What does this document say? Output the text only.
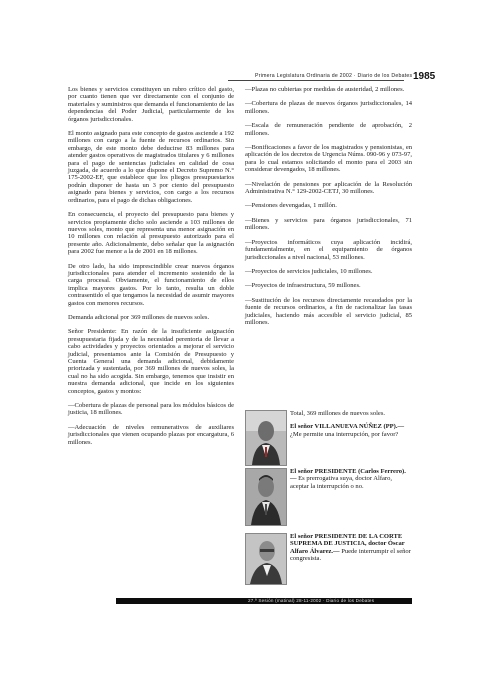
Primera Legislatura Ordinaria de 2002 · Diario de los Debates 1985

Los bienes y servicios constituyen un rubro crítico del gasto, por cuanto tienen que ver directamente con el conjunto de materiales y suministros que demanda el funcionamiento de las dependencias del Poder Judicial, particularmente de los órganos jurisdiccionales.

El monto asignado para este concepto de gastos asciende a 192 millones con cargo a la fuente de recursos ordinarios. Sin embargo, de este monto debe deducirse 83 millones para atender gastos operativos de magistrados titulares y 6 millones para el pago de sentencias judiciales en calidad de cosa juzgada, de acuerdo a lo que dispone el Decreto Supremo N.° 175-2002-EF, que establece que los pliegos presupuestarios podrán disponer de hasta un 3 por ciento del presupuesto asignado para bienes y servicios, con cargo a los recursos ordinarios, para el pago de dichas obligaciones.

En consecuencia, el proyecto del presupuesto para bienes y servicios propiamente dicho solo asciende a 103 millones de nuevos soles, monto que representa una menor asignación en 10 millones con relación al presupuesto autorizado para el presente año. Adicionalmente, debo señalar que la asignación para 2002 fue menor a la de 2001 en 18 millones.

De otro lado, ha sido imprescindible crear nuevos órganos jurisdiccionales para atender el incremento sostenido de la carga procesal. Obviamente, el funcionamiento de ellos implica mayores gastos. Por lo tanto, resulta un doble contrasentido el que tengamos la necesidad de asumir mayores gastos con menores recursos.

Demanda adicional por 369 millones de nuevos soles.

Señor Presidente: En razón de la insuficiente asignación presupuestaria fijada y de la necesidad perentoria de llevar a cabo actividades y proyectos orientados a mejorar el servicio judicial, presentamos ante la Comisión de Presupuesto y Cuenta General una demanda adicional, debidamente priorizada y sustentada, por 369 millones de nuevos soles, la cual no ha sido acogida. Sin embargo, tenemos que insistir en nuestra demanda adicional, que incide en los siguientes conceptos, gastos y montos:

—Cobertura de plazas de personal para los módulos básicos de justicia, 18 millones.

—Adecuación de niveles remunerativos de auxiliares jurisdiccionales que vienen ocupando plazas por encargatura, 6 millones.

—Plazas no cubiertas por medidas de austeridad, 2 millones.

—Cobertura de plazas de nuevos órganos jurisdiccionales, 14 millones.

—Escala de remuneración pendiente de aprobación, 2 millones.

—Bonificaciones a favor de los magistrados y pensionistas, en aplicación de los decretos de Urgencia Núms. 090-96 y 073-97, para lo cual estamos solicitando el monto para el 2003 sin considerar devengados, 18 millones.

—Nivelación de pensiones por aplicación de la Resolución Administrativa N.° 129-2002-CETJ, 30 millones.

—Pensiones devengadas, 1 millón.

—Bienes y servicios para órganos jurisdiccionales, 71 millones.

—Proyectos informáticos cuya aplicación incidirá, fundamentalmente, en el equipamiento de órganos jurisdiccionales a nivel nacional, 53 millones.

—Proyectos de servicios judiciales, 10 millones.

—Proyectos de infraestructura, 59 millones.

—Sustitución de los recursos directamente recaudados por la fuente de recursos ordinarios, a fin de racionalizar las tasas judiciales, haciendo más accesible el servicio judicial, 85 millones.

Total, 369 millones de nuevos soles.
El señor VILLANUEVA NÚÑEZ (PP).— ¿Me permite una interrupción, por favor?
El señor PRESIDENTE (Carlos Ferrero).— Es prerrogativa suya, doctor Alfaro, aceptar la interrupción o no.
El señor PRESIDENTE DE LA CORTE SUPREMA DE JUSTICIA, doctor Óscar Alfaro Álvarez.— Puede interrumpir el señor congresista.
27.ª Sesión (matinal) 28-11-2002 · Diario de los Debates
